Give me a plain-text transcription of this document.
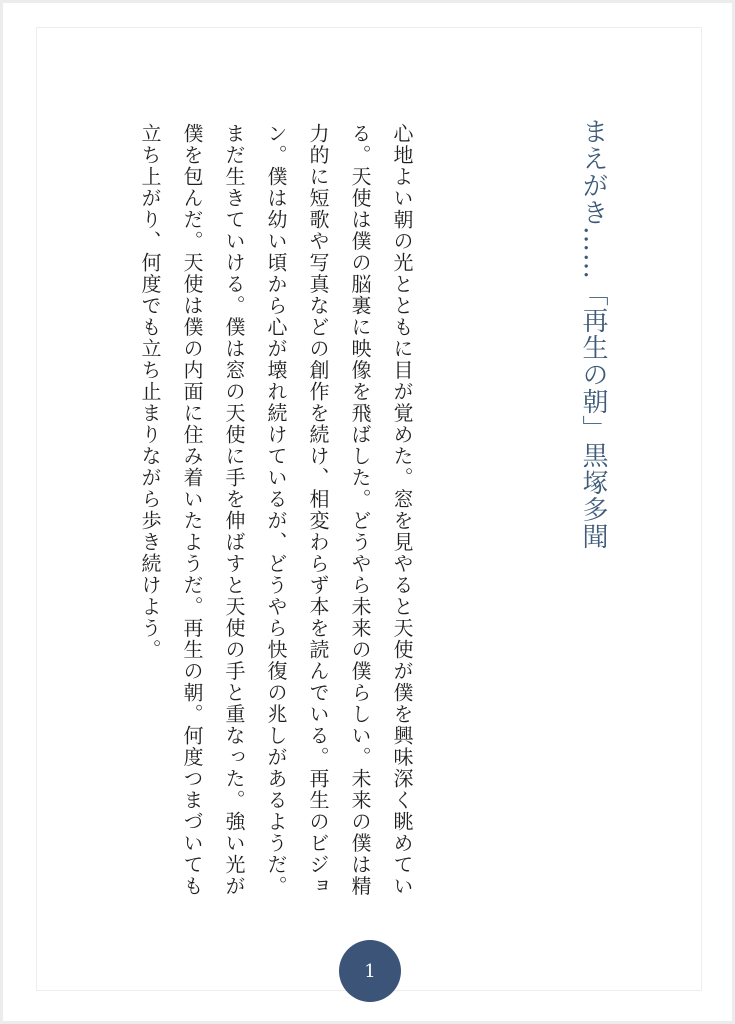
まえがき……「再生の朝」黒塚多聞
心地よい朝の光とともに目が覚めた。窓を見やると天使が僕を興味深く眺めている。天使は僕の脳裏に映像を飛ばした。どうやら未来の僕らしい。未来の僕は精力的に短歌や写真などの創作を続け、相変わらず本を読んでいる。再生のビジョン。僕は幼い頃から心が壊れ続けているが、どうやら快復の兆しがあるようだ。まだ生きていける。僕は窓の天使に手を伸ばすと天使の手と重なった。強い光が僕を包んだ。天使は僕の内面に住み着いたようだ。再生の朝。何度つまづいても立ち上がり、何度でも立ち止まりながら歩き続けよう。
1
